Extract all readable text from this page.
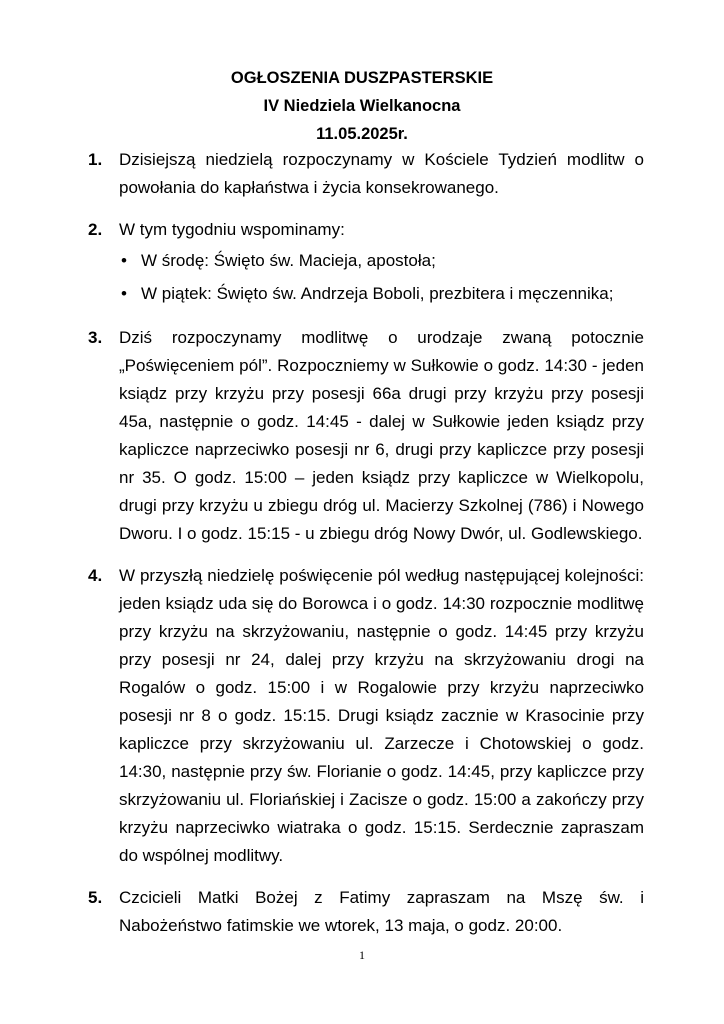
OGŁOSZENIA DUSZPASTERSKIE
IV Niedziela Wielkanocna
11.05.2025r.
1. Dzisiejszą niedzielą rozpoczynamy w Kościele Tydzień modlitw o powołania do kapłaństwa i życia konsekrowanego.
2. W tym tygodniu wspominamy:
• W środę: Święto św. Macieja, apostoła;
• W piątek: Święto św. Andrzeja Boboli, prezbitera i męczennika;
3. Dziś rozpoczynamy modlitwę o urodzaje zwaną potocznie „Poświęceniem pól”. Rozpoczniemy w Sułkowie o godz. 14:30 - jeden ksiądz przy krzyżu przy posesji 66a drugi przy krzyżu przy posesji 45a, następnie o godz. 14:45 - dalej w Sułkowie jeden ksiądz przy kapliczce naprzeciwko posesji nr 6, drugi przy kapliczce przy posesji nr 35. O godz. 15:00 – jeden ksiądz przy kapliczce w Wielkopolu, drugi przy krzyżu u zbiegu dróg ul. Macierzy Szkolnej (786) i Nowego Dworu. I o godz. 15:15 - u zbiegu dróg Nowy Dwór, ul. Godlewskiego.
4. W przyszłą niedzielę poświęcenie pól według następującej kolejności: jeden ksiądz uda się do Borowca i o godz. 14:30 rozpocznie modlitwę przy krzyżu na skrzyżowaniu, następnie o godz. 14:45 przy krzyżu przy posesji nr 24, dalej przy krzyżu na skrzyżowaniu drogi na Rogalów o godz. 15:00 i w Rogalowie przy krzyżu naprzeciwko posesji nr 8 o godz. 15:15. Drugi ksiądz zacznie w Krasocinie przy kapliczce przy skrzyżowaniu ul. Zarzecze i Chotowskiej o godz. 14:30, następnie przy św. Florianie o godz. 14:45, przy kapliczce przy skrzyżowaniu ul. Floriańskiej i Zacisze o godz. 15:00 a zakończy przy krzyżu naprzeciwko wiatraka o godz. 15:15. Serdecznie zapraszam do wspólnej modlitwy.
5. Czcicieli Matki Bożej z Fatimy zapraszam na Mszę św. i Nabożeństwo fatimskie we wtorek, 13 maja, o godz. 20:00.
1
